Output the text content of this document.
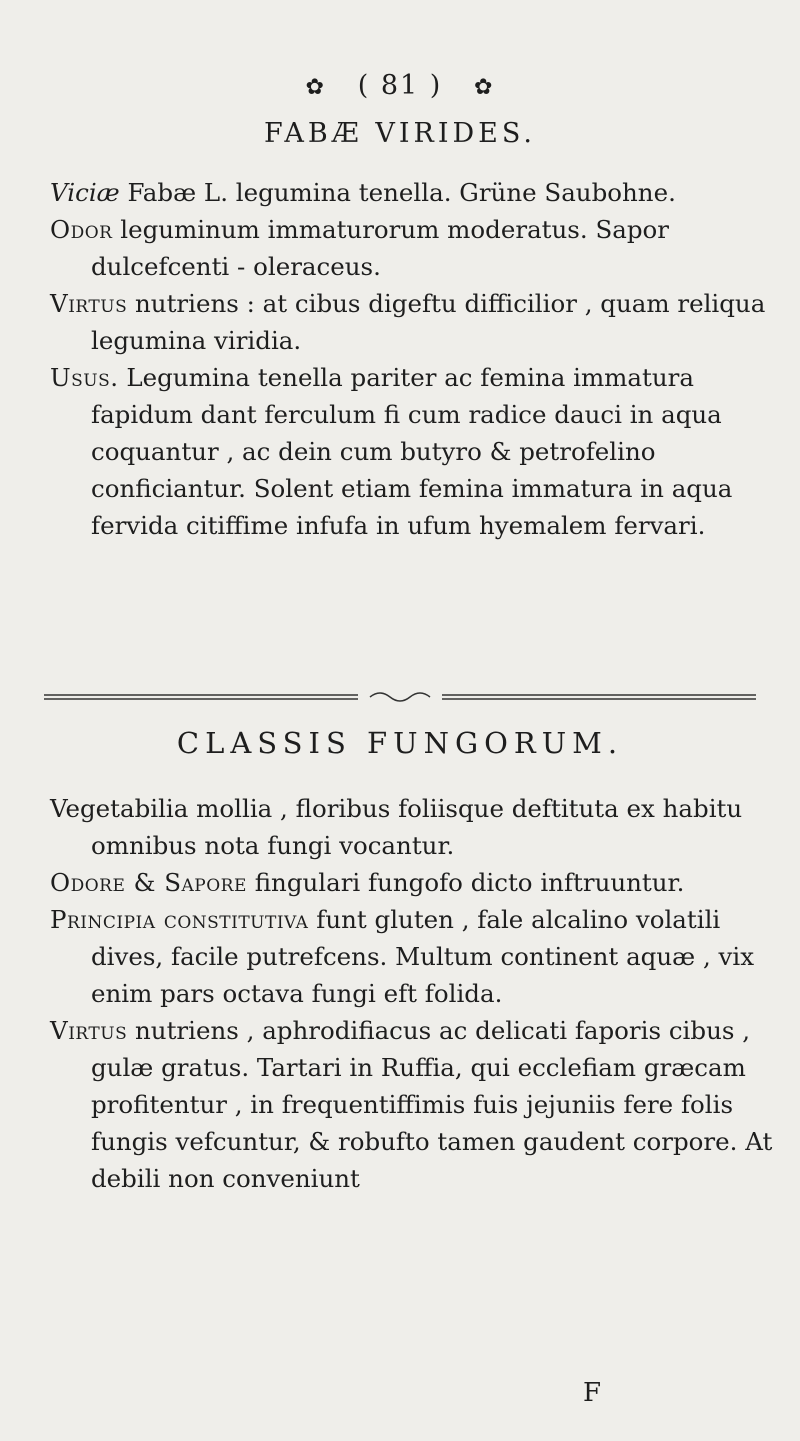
✿ ( 81 ) ✿
FABÆ VIRIDES.

Viciæ Fabæ L. legumina tenella. Grüne Saubohne.

Odor leguminum immaturorum moderatus. Sapor dulcefcenti - oleraceus.

Virtus nutriens : at cibus digeftu difficilior , quam reliqua legumina viridia.

Usus. Legumina tenella pariter ac femina immatura fapidum dant ferculum fi cum radice dauci in aqua coquantur , ac dein cum butyro & petrofelino conficiantur. Solent etiam femina immatura in aqua fervida citiffime infufa in ufum hyemalem fervari.

CLASSIS FUNGORUM.

Vegetabilia mollia , floribus foliisque deftituta ex habitu omnibus nota fungi vocantur.

Odore & Sapore fingulari fungofo dicto inftruuntur.

Principia constitutiva funt gluten , fale alcalino volatili dives, facile putrefcens. Multum continent aquæ , vix enim pars octava fungi eft folida.

Virtus nutriens , aphrodifiacus ac delicati faporis cibus , gulæ gratus. Tartari in Ruffia, qui ecclefiam græcam profitentur , in frequentiffimis fuis jejuniis fere folis fungis vefcuntur, & robufto tamen gaudent corpore. At debili non conveniunt

F
